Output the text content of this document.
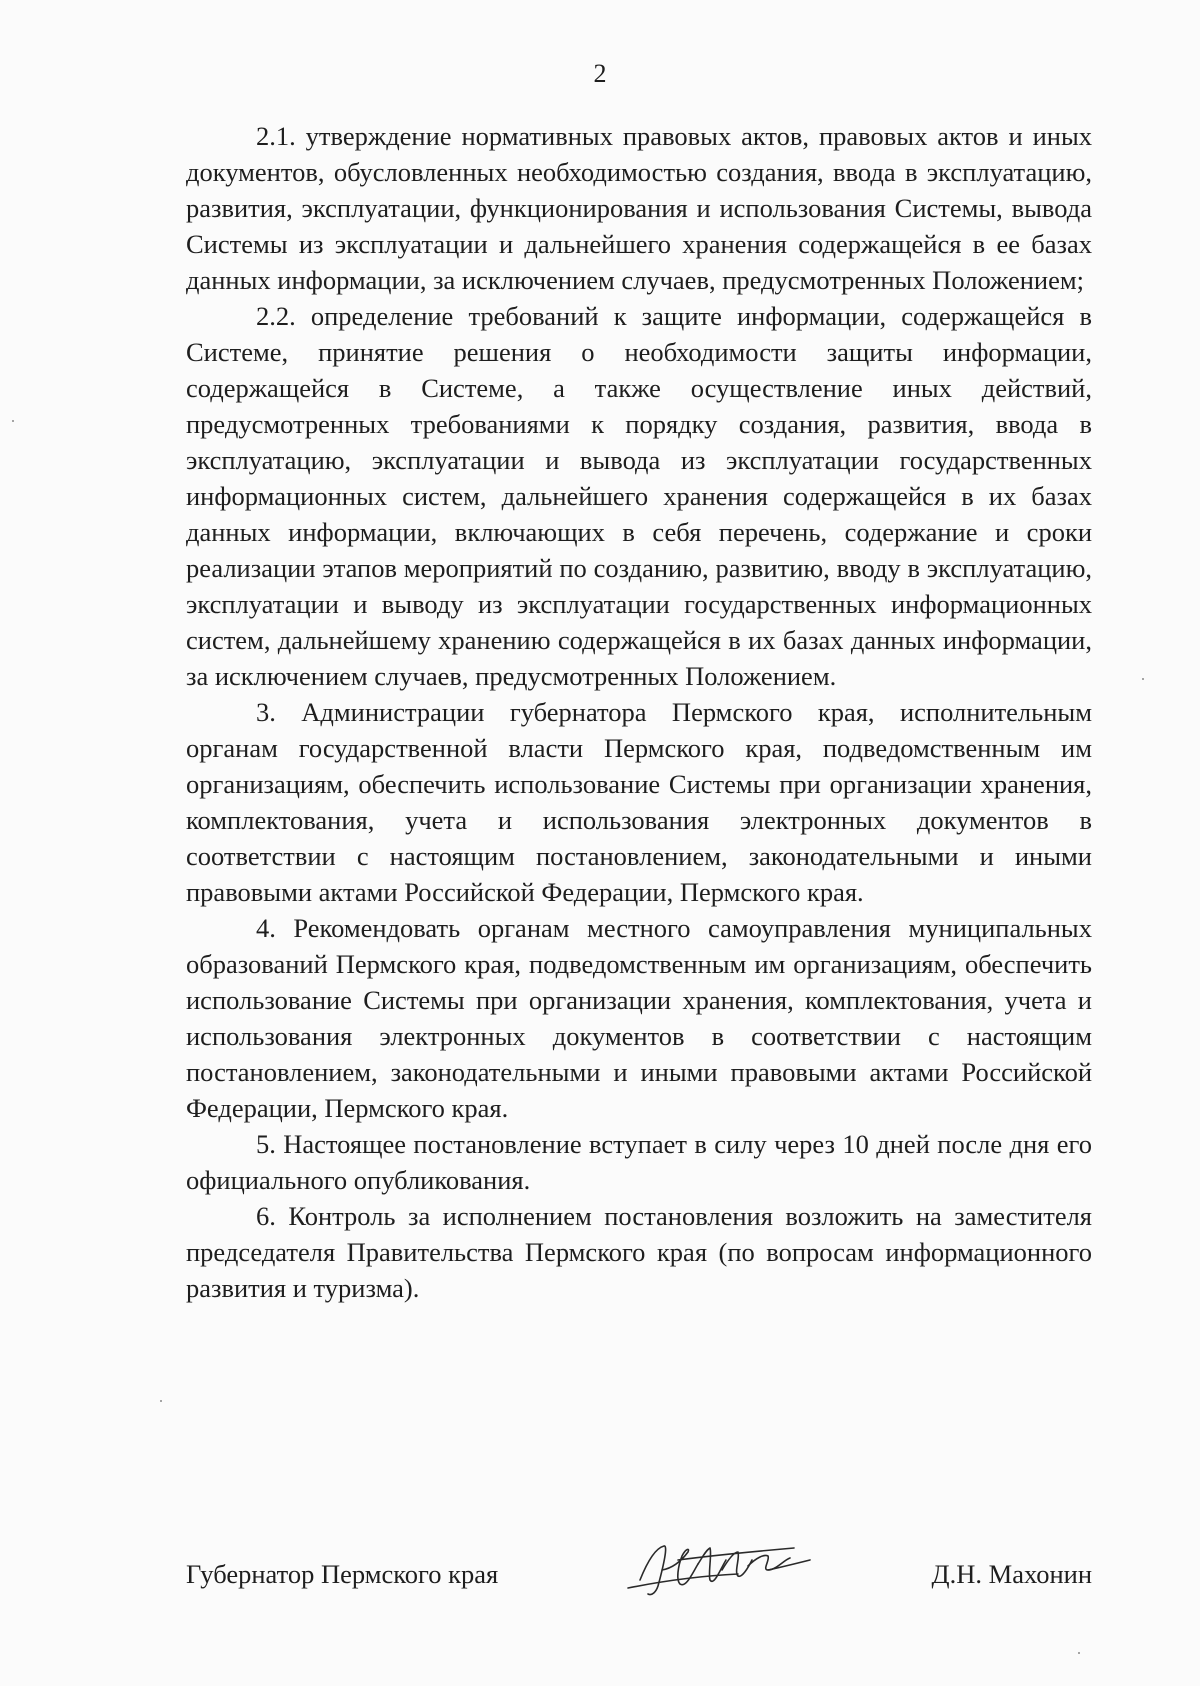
2

2.1. утверждение нормативных правовых актов, правовых актов и иных документов, обусловленных необходимостью создания, ввода в эксплуатацию, развития, эксплуатации, функционирования и использования Системы, вывода Системы из эксплуатации и дальнейшего хранения содержащейся в ее базах данных информации, за исключением случаев, предусмотренных Положением;

2.2. определение требований к защите информации, содержащейся в Системе, принятие решения о необходимости защиты информации, содержащейся в Системе, а также осуществление иных действий, предусмотренных требованиями к порядку создания, развития, ввода в эксплуатацию, эксплуатации и вывода из эксплуатации государственных информационных систем, дальнейшего хранения содержащейся в их базах данных информации, включающих в себя перечень, содержание и сроки реализации этапов мероприятий по созданию, развитию, вводу в эксплуатацию, эксплуатации и выводу из эксплуатации государственных информационных систем, дальнейшему хранению содержащейся в их базах данных информации, за исключением случаев, предусмотренных Положением.

3. Администрации губернатора Пермского края, исполнительным органам государственной власти Пермского края, подведомственным им организациям, обеспечить использование Системы при организации хранения, комплектования, учета и использования электронных документов в соответствии с настоящим постановлением, законодательными и иными правовыми актами Российской Федерации, Пермского края.

4. Рекомендовать органам местного самоуправления муниципальных образований Пермского края, подведомственным им организациям, обеспечить использование Системы при организации хранения, комплектования, учета и использования электронных документов в соответствии с настоящим постановлением, законодательными и иными правовыми актами Российской Федерации, Пермского края.

5. Настоящее постановление вступает в силу через 10 дней после дня его официального опубликования.

6. Контроль за исполнением постановления возложить на заместителя председателя Правительства Пермского края (по вопросам информационного развития и туризма).

Губернатор Пермского края	Д.Н. Махонин
